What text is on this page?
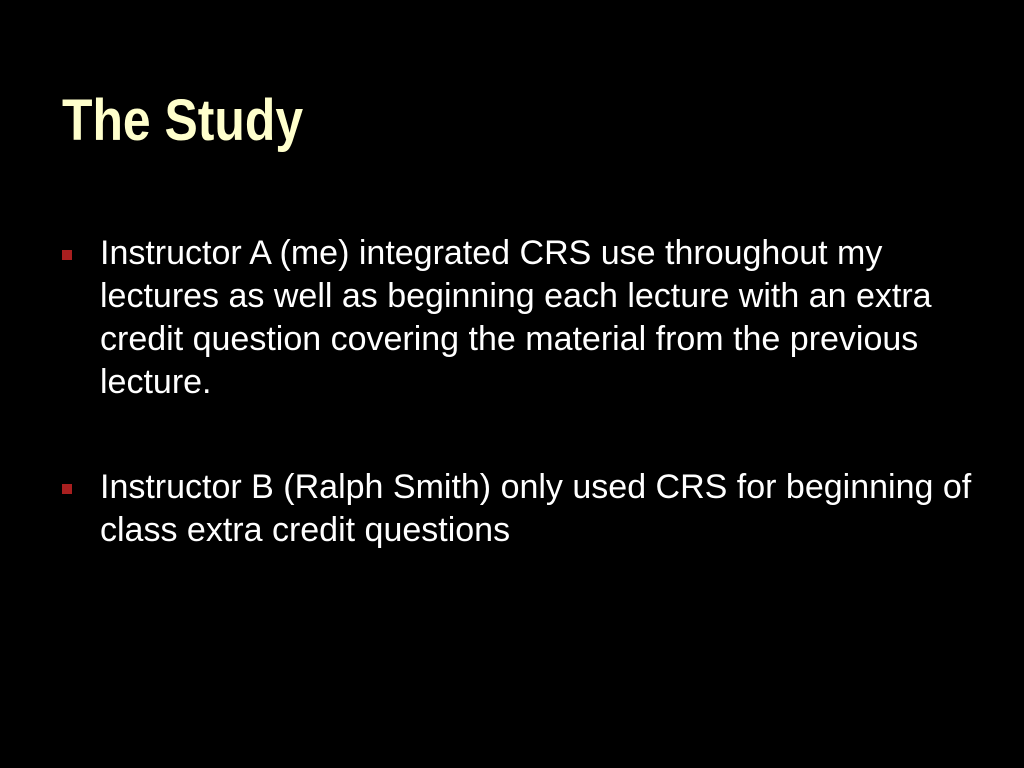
The Study

Instructor A (me) integrated CRS use throughout my lectures as well as beginning each lecture with an extra credit question covering the material from the previous lecture.

Instructor B (Ralph Smith) only used CRS for beginning of class extra credit questions
